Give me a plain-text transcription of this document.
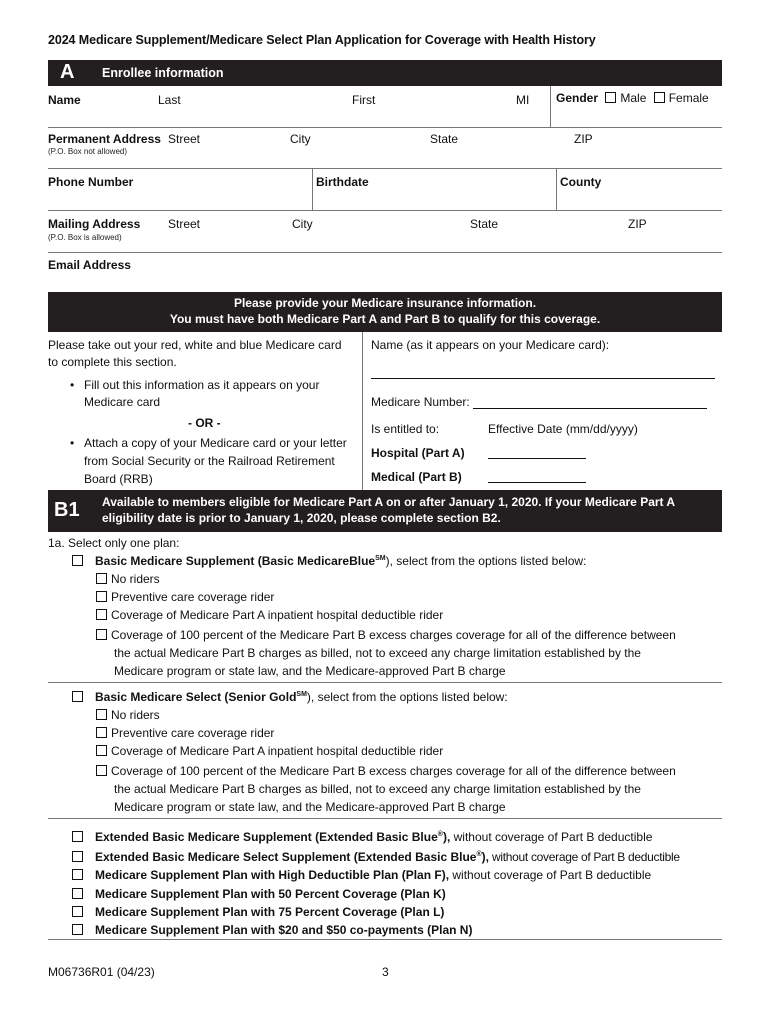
2024 Medicare Supplement/Medicare Select Plan Application for Coverage with Health History
A Enrollee information
Name	Last	First	MI Gender Male Female
Permanent Address
(P.O. Box not allowed)
Street	City	State	ZIP
Phone Number	Birthdate	County
Mailing Address
(P.O. Box is allowed)
Street	City	State	ZIP
Email Address
Please provide your Medicare insurance information.
You must have both Medicare Part A and Part B to qualify for this coverage.
Please take out your red, white and blue Medicare card to complete this section.
• Fill out this information as it appears on your Medicare card
- OR -
• Attach a copy of your Medicare card or your letter from Social Security or the Railroad Retirement Board (RRB)
Name (as it appears on your Medicare card):
Medicare Number:
Is entitled to:	Effective Date (mm/dd/yyyy)
Hospital (Part A)
Medical (Part B)
B1 Available to members eligible for Medicare Part A on or after January 1, 2020. If your Medicare Part A eligibility date is prior to January 1, 2020, please complete section B2.
1a. Select only one plan:
Basic Medicare Supplement (Basic MedicareBlue℠), select from the options listed below:
No riders
Preventive care coverage rider
Coverage of Medicare Part A inpatient hospital deductible rider
Coverage of 100 percent of the Medicare Part B excess charges coverage for all of the difference between
the actual Medicare Part B charges as billed, not to exceed any charge limitation established by the
Medicare program or state law, and the Medicare-approved Part B charge
Basic Medicare Select (Senior Gold℠), select from the options listed below:
No riders
Preventive care coverage rider
Coverage of Medicare Part A inpatient hospital deductible rider
Coverage of 100 percent of the Medicare Part B excess charges coverage for all of the difference between
the actual Medicare Part B charges as billed, not to exceed any charge limitation established by the
Medicare program or state law, and the Medicare-approved Part B charge
Extended Basic Medicare Supplement (Extended Basic Blue®), without coverage of Part B deductible
Extended Basic Medicare Select Supplement (Extended Basic Blue®), without coverage of Part B deductible
Medicare Supplement Plan with High Deductible Plan (Plan F), without coverage of Part B deductible
Medicare Supplement Plan with 50 Percent Coverage (Plan K)
Medicare Supplement Plan with 75 Percent Coverage (Plan L)
Medicare Supplement Plan with $20 and $50 co-payments (Plan N)
M06736R01 (04/23)	3
